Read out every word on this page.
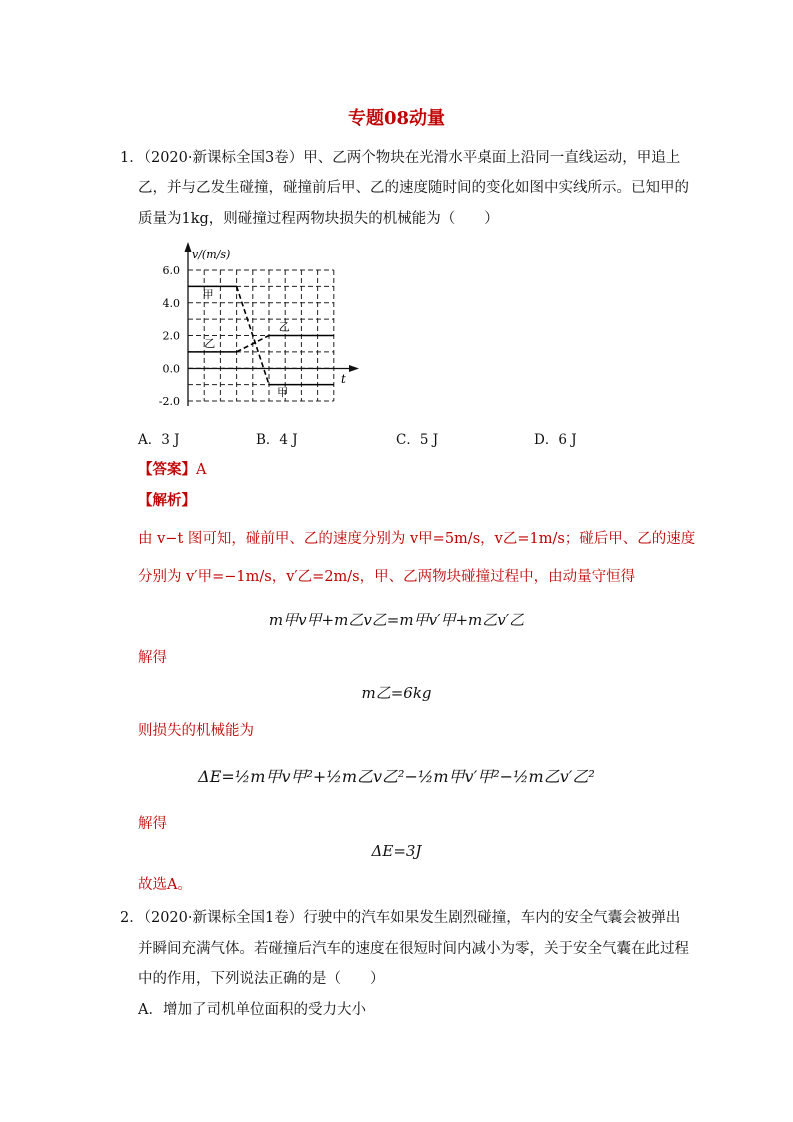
专题08动量
1．（2020·新课标全国3卷）甲、乙两个物块在光滑水平桌面上沿同一直线运动，甲追上
乙，并与乙发生碰撞，碰撞前后甲、乙的速度随时间的变化如图中实线所示。已知甲的
质量为1kg，则碰撞过程两物块损失的机械能为（　　）
v/(m/s)
t
6.0
4.0
2.0
0.0
-2.0
甲
乙
乙
甲
A．3 J	B．4 J	C．5 J	D．6 J
【答案】A
【解析】
由 v−t 图可知，碰前甲、乙的速度分别为 v甲=5m/s，v乙=1m/s；碰后甲、乙的速度
分别为 v′甲=−1m/s，v′乙=2m/s，甲、乙两物块碰撞过程中，由动量守恒得
m甲v甲+m乙v乙=m甲v′甲+m乙v′乙
解得
m乙=6kg
则损失的机械能为
ΔE=½m甲v甲²+½m乙v乙²−½m甲v′甲²−½m乙v′乙²
解得
ΔE=3J
故选A。
2．（2020·新课标全国1卷）行驶中的汽车如果发生剧烈碰撞，车内的安全气囊会被弹出
并瞬间充满气体。若碰撞后汽车的速度在很短时间内减小为零，关于安全气囊在此过程
中的作用，下列说法正确的是（　　）
A．增加了司机单位面积的受力大小
